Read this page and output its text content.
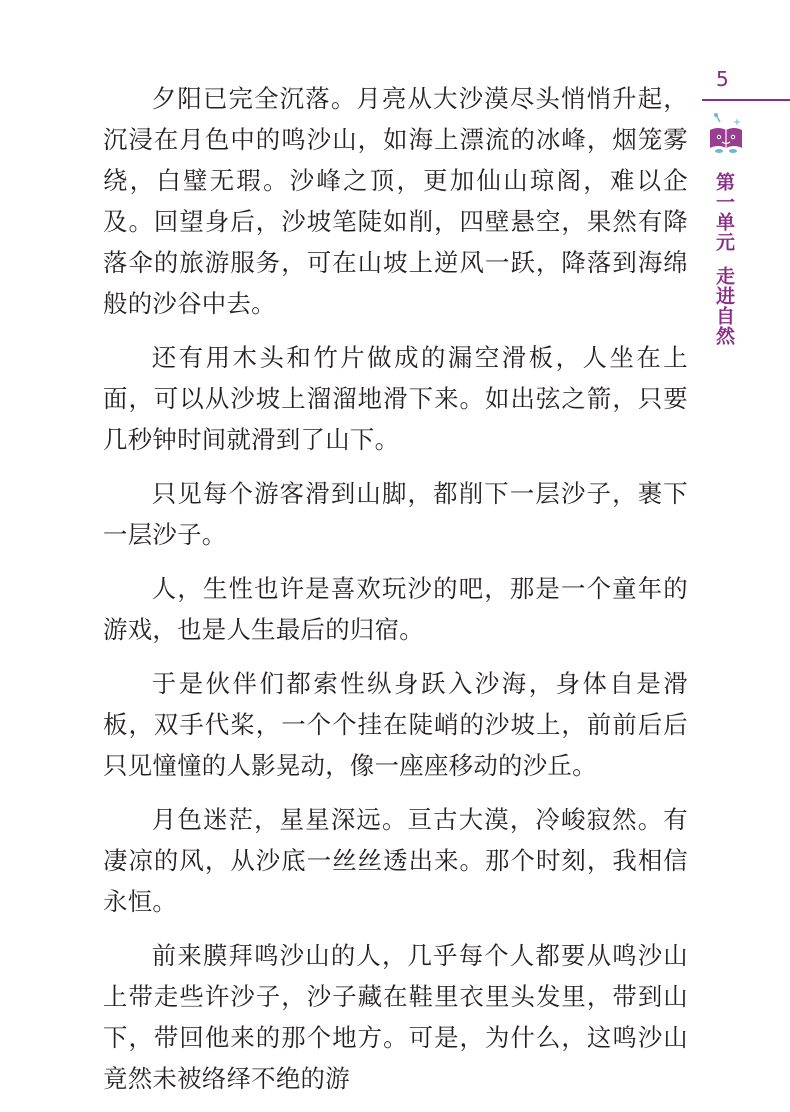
夕阳已完全沉落。月亮从大沙漠尽头悄悄升起，沉浸在月色中的鸣沙山，如海上漂流的冰峰，烟笼雾绕，白璧无瑕。沙峰之顶，更加仙山琼阁，难以企及。回望身后，沙坡笔陡如削，四壁悬空，果然有降落伞的旅游服务，可在山坡上逆风一跃，降落到海绵般的沙谷中去。

还有用木头和竹片做成的漏空滑板，人坐在上面，可以从沙坡上溜溜地滑下来。如出弦之箭，只要几秒钟时间就滑到了山下。

只见每个游客滑到山脚，都削下一层沙子，裹下一层沙子。

人，生性也许是喜欢玩沙的吧，那是一个童年的游戏，也是人生最后的归宿。

于是伙伴们都索性纵身跃入沙海，身体自是滑板，双手代桨，一个个挂在陡峭的沙坡上，前前后后只见憧憧的人影晃动，像一座座移动的沙丘。

月色迷茫，星星深远。亘古大漠，冷峻寂然。有凄凉的风，从沙底一丝丝透出来。那个时刻，我相信永恒。

前来膜拜鸣沙山的人，几乎每个人都要从鸣沙山上带走些许沙子，沙子藏在鞋里衣里头发里，带到山下，带回他来的那个地方。可是，为什么，这鸣沙山竟然未被络绎不绝的游

5
第一单元
走进自然
